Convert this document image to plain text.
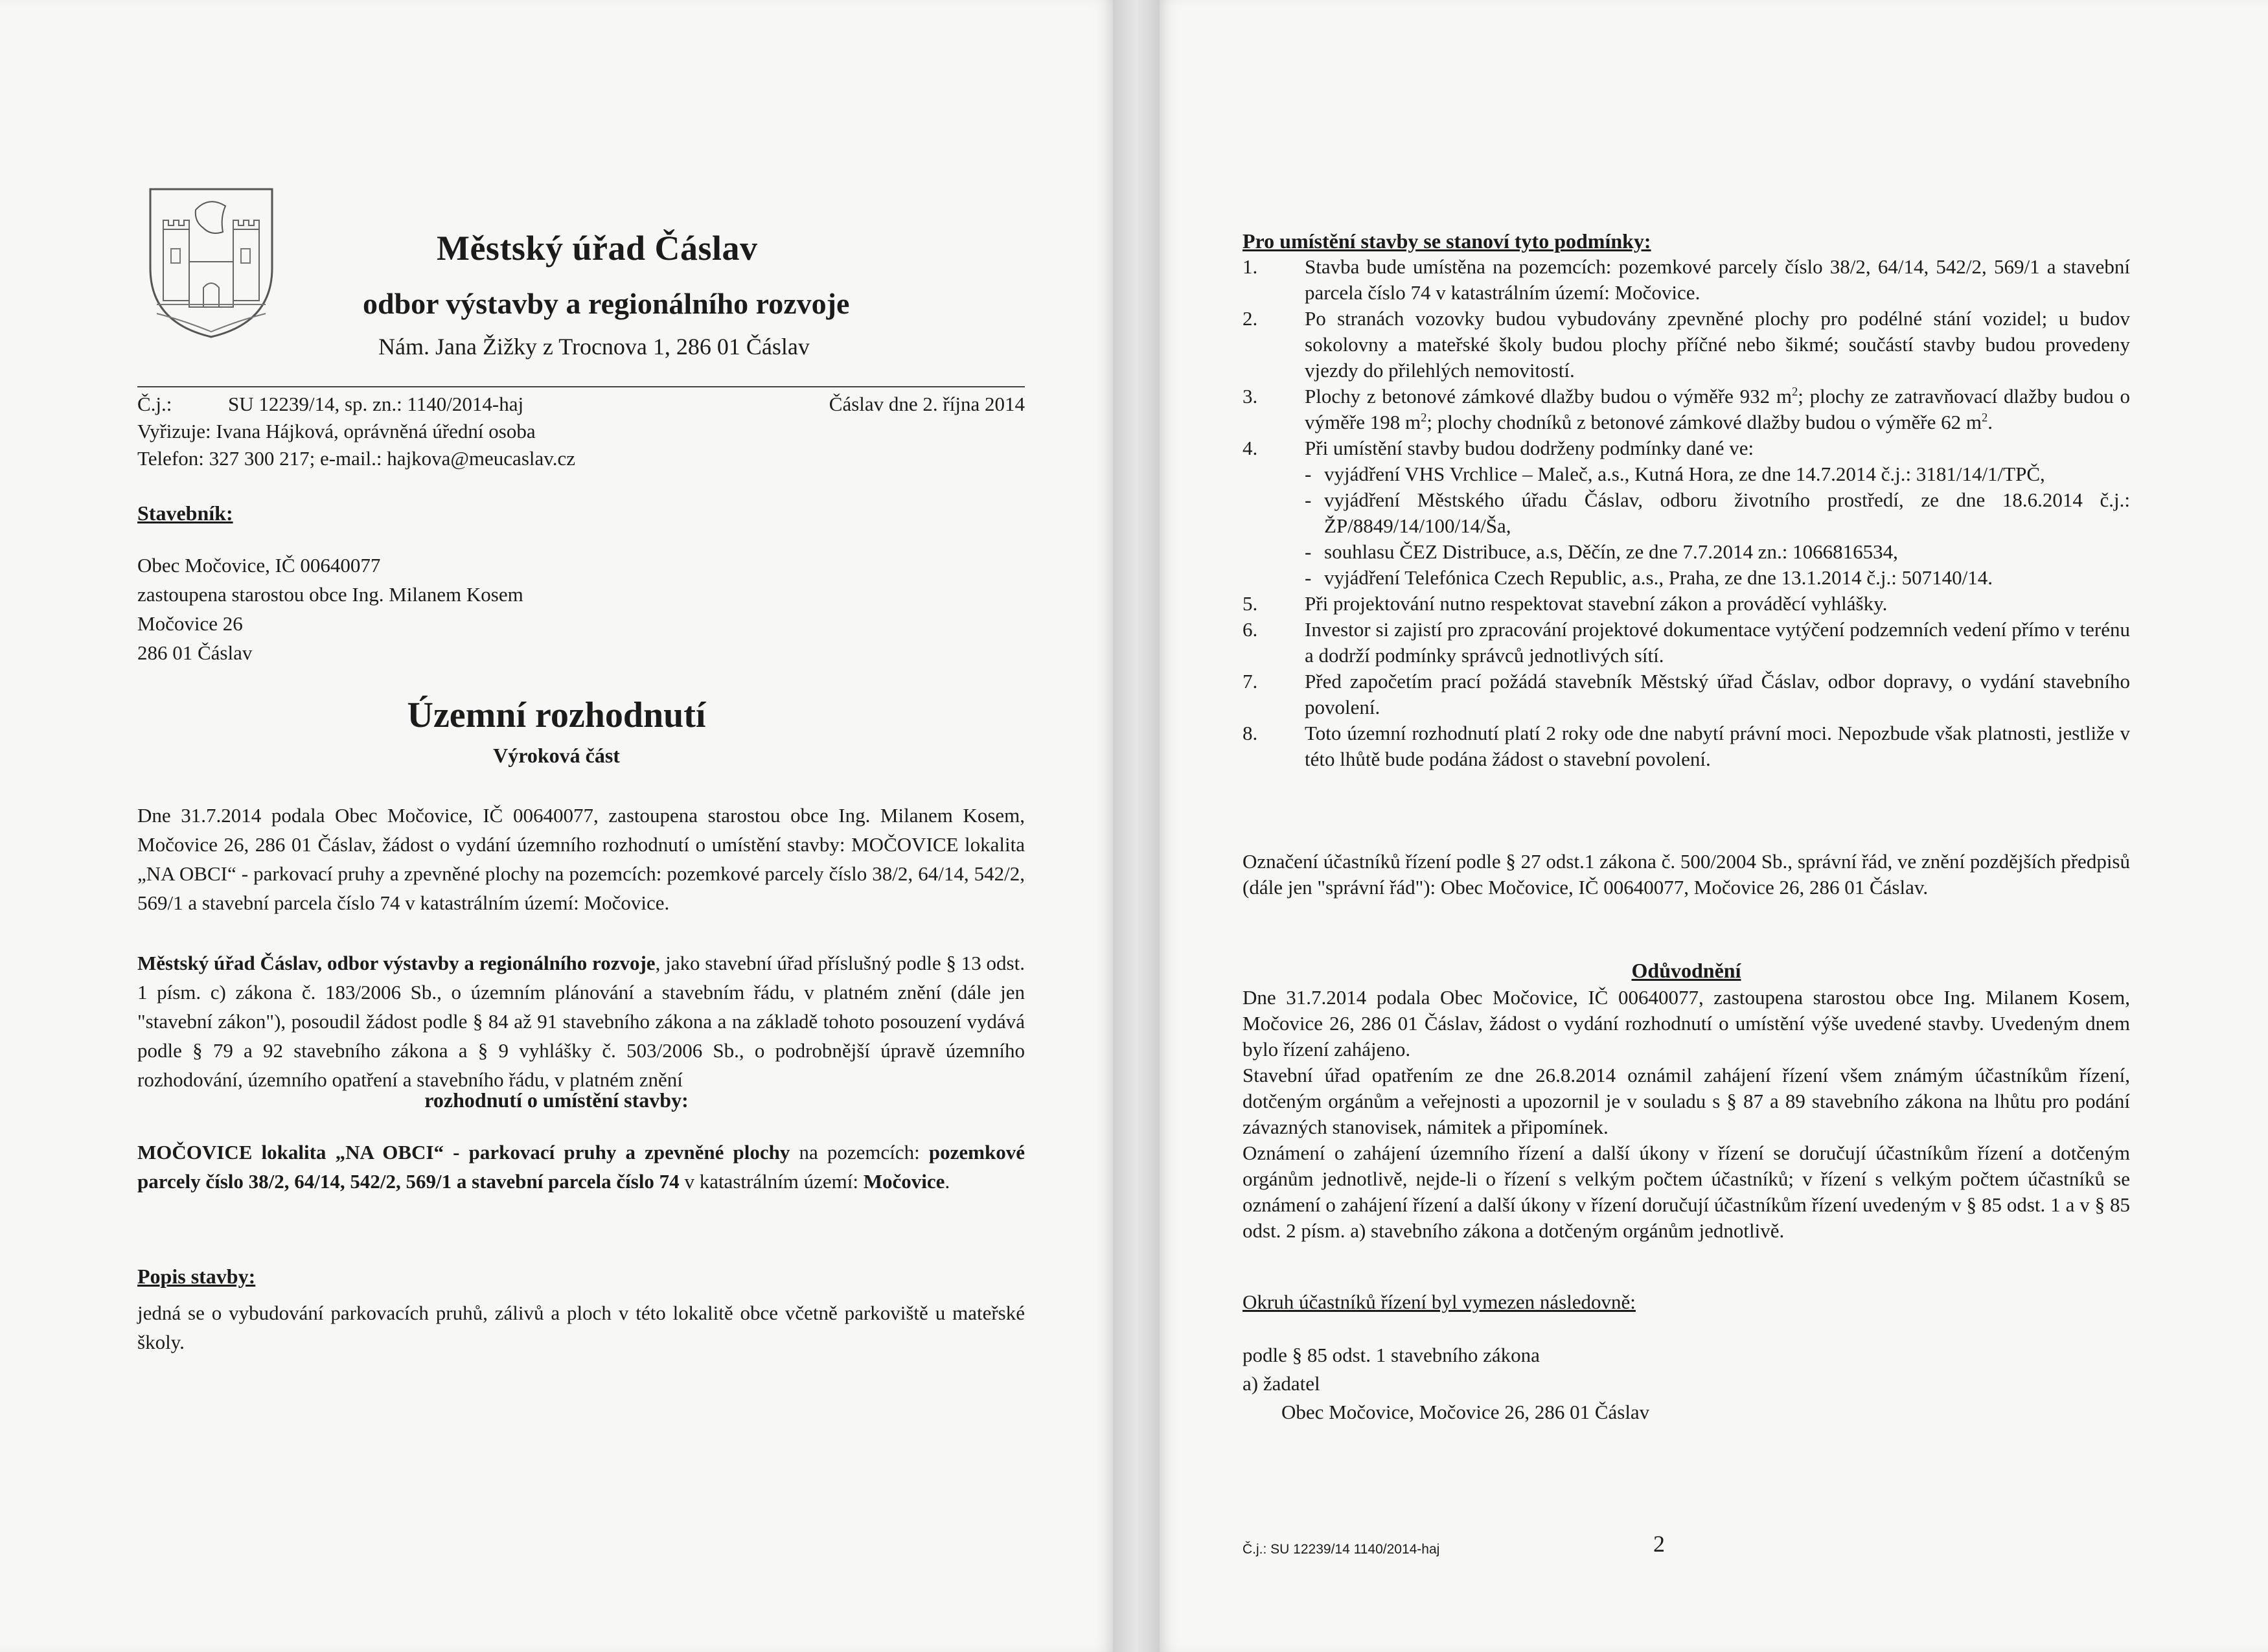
Městský úřad Čáslav
odbor výstavby a regionálního rozvoje
Nám. Jana Žižky z Trocnova 1, 286 01 Čáslav
Č.j.:	SU 12239/14, sp. zn.: 1140/2014-haj	Čáslav dne 2. října 2014
Vyřizuje: Ivana Hájková, oprávněná úřední osoba
Telefon: 327 300 217; e-mail.: hajkova@meucaslav.cz
Stavebník:
Obec Močovice, IČ 00640077
zastoupena starostou obce Ing. Milanem Kosem
Močovice 26
286 01 Čáslav
Územní rozhodnutí
Výroková část
Dne 31.7.2014 podala Obec Močovice, IČ 00640077, zastoupena starostou obce Ing. Milanem Kosem, Močovice 26, 286 01 Čáslav, žádost o vydání územního rozhodnutí o umístění stavby: MOČOVICE lokalita „NA OBCI“ - parkovací pruhy a zpevněné plochy na pozemcích: pozemkové parcely číslo 38/2, 64/14, 542/2, 569/1 a stavební parcela číslo 74 v katastrálním území: Močovice.
Městský úřad Čáslav, odbor výstavby a regionálního rozvoje, jako stavební úřad příslušný podle § 13 odst. 1 písm. c) zákona č. 183/2006 Sb., o územním plánování a stavebním řádu, v platném znění (dále jen "stavební zákon"), posoudil žádost podle § 84 až 91 stavebního zákona a na základě tohoto posouzení vydává podle § 79 a 92 stavebního zákona a § 9 vyhlášky č. 503/2006 Sb., o podrobnější úpravě územního rozhodování, územního opatření a stavebního řádu, v platném znění
rozhodnutí o umístění stavby:
MOČOVICE lokalita „NA OBCI“ - parkovací pruhy a zpevněné plochy na pozemcích: pozemkové parcely číslo 38/2, 64/14, 542/2, 569/1 a stavební parcela číslo 74 v katastrálním území: Močovice.
Popis stavby:
jedná se o vybudování parkovacích pruhů, zálivů a ploch v této lokalitě obce včetně parkoviště u mateřské školy.
Pro umístění stavby se stanoví tyto podmínky:
1. Stavba bude umístěna na pozemcích: pozemkové parcely číslo 38/2, 64/14, 542/2, 569/1 a stavební parcela číslo 74 v katastrálním území: Močovice.
2. Po stranách vozovky budou vybudovány zpevněné plochy pro podélné stání vozidel; u budov sokolovny a mateřské školy budou plochy příčné nebo šikmé; součástí stavby budou provedeny vjezdy do přilehlých nemovitostí.
3. Plochy z betonové zámkové dlažby budou o výměře 932 $m^2$; plochy ze zatravňovací dlažby budou o výměře 198 $m^2$; plochy chodníků z betonové zámkové dlažby budou o výměře 62 $m^2$.
4. Při umístění stavby budou dodrženy podmínky dané ve:
- vyjádření VHS Vrchlice – Maleč, a.s., Kutná Hora, ze dne 14.7.2014 č.j.: 3181/14/1/TPČ,
- vyjádření Městského úřadu Čáslav, odboru životního prostředí, ze dne 18.6.2014 č.j.: ŽP/8849/14/100/14/Ša,
- souhlasu ČEZ Distribuce, a.s, Děčín, ze dne 7.7.2014 zn.: 1066816534,
- vyjádření Telefónica Czech Republic, a.s., Praha, ze dne 13.1.2014 č.j.: 507140/14.
5. Při projektování nutno respektovat stavební zákon a prováděcí vyhlášky.
6. Investor si zajistí pro zpracování projektové dokumentace vytýčení podzemních vedení přímo v terénu a dodrží podmínky správců jednotlivých sítí.
7. Před započetím prací požádá stavebník Městský úřad Čáslav, odbor dopravy, o vydání stavebního povolení.
8. Toto územní rozhodnutí platí 2 roky ode dne nabytí právní moci. Nepozbude však platnosti, jestliže v této lhůtě bude podána žádost o stavební povolení.
Označení účastníků řízení podle § 27 odst.1 zákona č. 500/2004 Sb., správní řád, ve znění pozdějších předpisů (dále jen "správní řád"): Obec Močovice, IČ 00640077, Močovice 26, 286 01 Čáslav.
Odůvodnění
Dne 31.7.2014 podala Obec Močovice, IČ 00640077, zastoupena starostou obce Ing. Milanem Kosem, Močovice 26, 286 01 Čáslav, žádost o vydání rozhodnutí o umístění výše uvedené stavby. Uvedeným dnem bylo řízení zahájeno.
Stavební úřad opatřením ze dne 26.8.2014 oznámil zahájení řízení všem známým účastníkům řízení, dotčeným orgánům a veřejnosti a upozornil je v souladu s § 87 a 89 stavebního zákona na lhůtu pro podání závazných stanovisek, námitek a připomínek.
Oznámení o zahájení územního řízení a další úkony v řízení se doručují účastníkům řízení a dotčeným orgánům jednotlivě, nejde-li o řízení s velkým počtem účastníků; v řízení s velkým počtem účastníků se oznámení o zahájení řízení a další úkony v řízení doručují účastníkům řízení uvedeným v § 85 odst. 1 a v § 85 odst. 2 písm. a) stavebního zákona a dotčeným orgánům jednotlivě.
Okruh účastníků řízení byl vymezen následovně:
podle § 85 odst. 1 stavebního zákona
a) žadatel
Obec Močovice, Močovice 26, 286 01 Čáslav
Č.j.: SU 12239/14 1140/2014-haj	2
